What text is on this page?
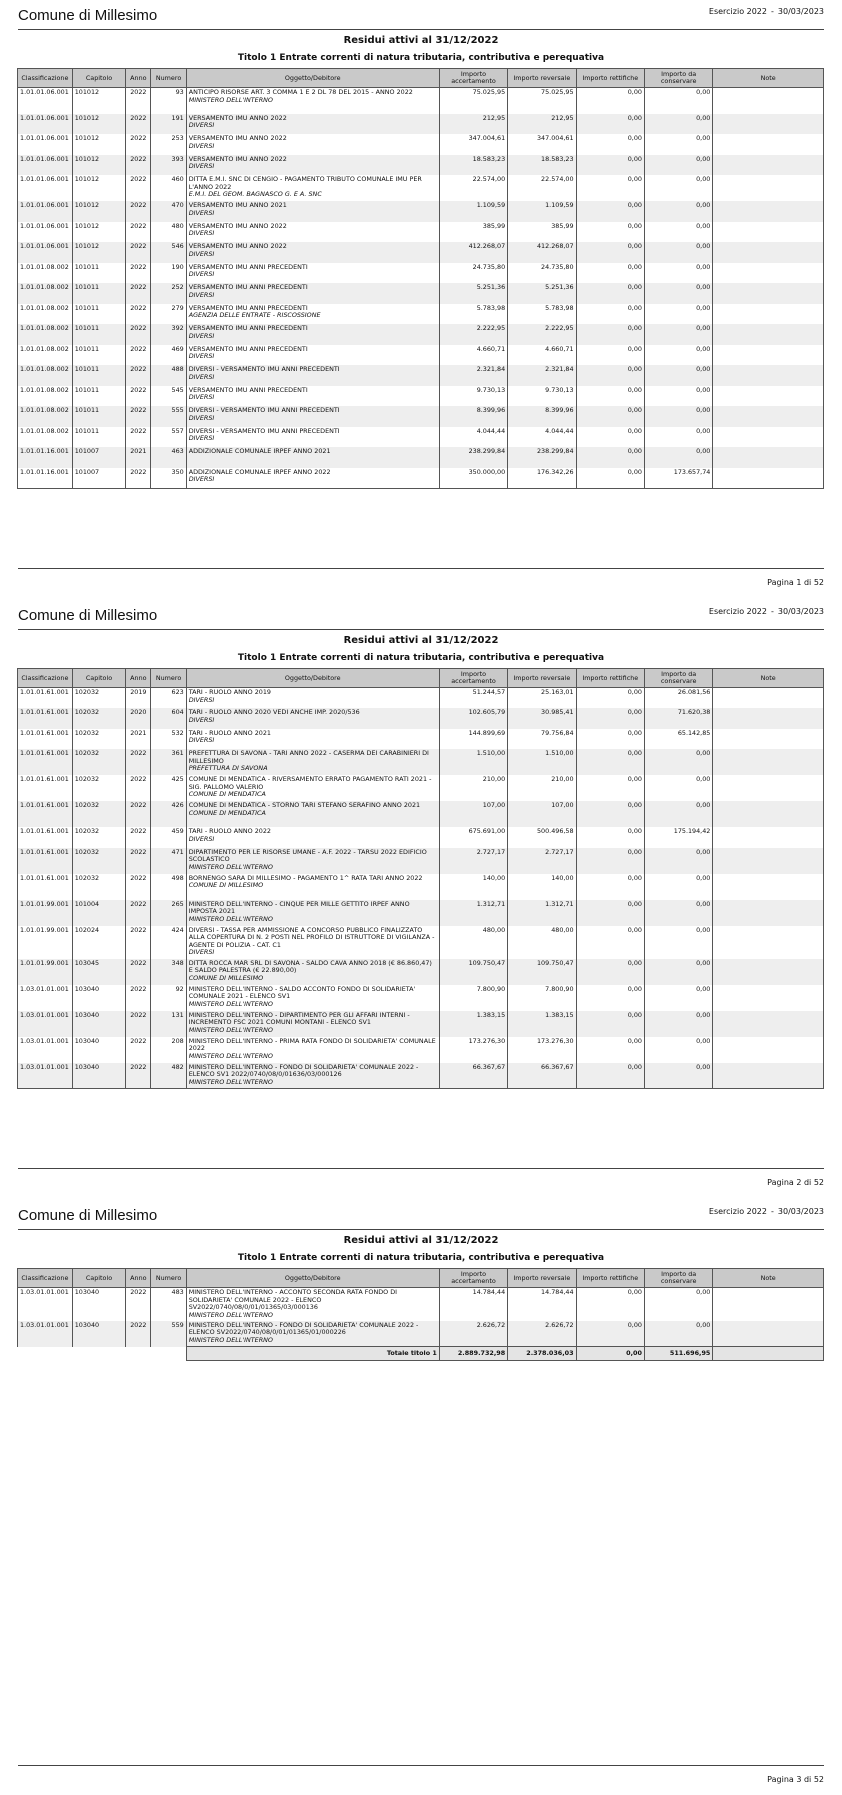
Comune di Millesimo	Esercizio 2022 - 30/03/2023
Residui attivi al 31/12/2022
Titolo 1 Entrate correnti di natura tributaria, contributiva e perequativa
Classificazione	Capitolo	Anno	Numero	Oggetto/Debitore	Importo accertamento	Importo reversale	Importo rettifiche	Importo da conservare	Note
1.01.01.06.001	101012	2022	93	ANTICIPO RISORSE ART. 3 COMMA 1 E 2 DL 78 DEL 2015 - ANNO 2022
MINISTERO DELL'INTERNO	75.025,95	75.025,95	0,00	0,00	
1.01.01.06.001	101012	2022	191	VERSAMENTO IMU ANNO 2022
DIVERSI	212,95	212,95	0,00	0,00	
1.01.01.06.001	101012	2022	253	VERSAMENTO IMU ANNO 2022
DIVERSI	347.004,61	347.004,61	0,00	0,00	
1.01.01.06.001	101012	2022	393	VERSAMENTO IMU ANNO 2022
DIVERSI	18.583,23	18.583,23	0,00	0,00	
1.01.01.06.001	101012	2022	460	DITTA E.M.I. SNC DI CENGIO - PAGAMENTO TRIBUTO COMUNALE IMU PER L'ANNO 2022
E.M.I. DEL GEOM. BAGNASCO G. E A. SNC	22.574,00	22.574,00	0,00	0,00	
1.01.01.06.001	101012	2022	470	VERSAMENTO IMU ANNO 2021
DIVERSI	1.109,59	1.109,59	0,00	0,00	
1.01.01.06.001	101012	2022	480	VERSAMENTO IMU ANNO 2022
DIVERSI	385,99	385,99	0,00	0,00	
1.01.01.06.001	101012	2022	546	VERSAMENTO IMU ANNO 2022
DIVERSI	412.268,07	412.268,07	0,00	0,00	
1.01.01.08.002	101011	2022	190	VERSAMENTO IMU ANNI PRECEDENTI
DIVERSI	24.735,80	24.735,80	0,00	0,00	
1.01.01.08.002	101011	2022	252	VERSAMENTO IMU ANNI PRECEDENTI
DIVERSI	5.251,36	5.251,36	0,00	0,00	
1.01.01.08.002	101011	2022	279	VERSAMENTO IMU ANNI PRECEDENTI
AGENZIA DELLE ENTRATE - RISCOSSIONE	5.783,98	5.783,98	0,00	0,00	
1.01.01.08.002	101011	2022	392	VERSAMENTO IMU ANNI PRECEDENTI
DIVERSI	2.222,95	2.222,95	0,00	0,00	
1.01.01.08.002	101011	2022	469	VERSAMENTO IMU ANNI PRECEDENTI
DIVERSI	4.660,71	4.660,71	0,00	0,00	
1.01.01.08.002	101011	2022	488	DIVERSI - VERSAMENTO IMU ANNI PRECEDENTI
DIVERSI	2.321,84	2.321,84	0,00	0,00	
1.01.01.08.002	101011	2022	545	VERSAMENTO IMU ANNI PRECEDENTI
DIVERSI	9.730,13	9.730,13	0,00	0,00	
1.01.01.08.002	101011	2022	555	DIVERSI - VERSAMENTO IMU ANNI PRECEDENTI
DIVERSI	8.399,96	8.399,96	0,00	0,00	
1.01.01.08.002	101011	2022	557	DIVERSI - VERSAMENTO IMU ANNI PRECEDENTI
DIVERSI	4.044,44	4.044,44	0,00	0,00	
1.01.01.16.001	101007	2021	463	ADDIZIONALE COMUNALE IRPEF ANNO 2021	238.299,84	238.299,84	0,00	0,00	
1.01.01.16.001	101007	2022	350	ADDIZIONALE COMUNALE IRPEF ANNO 2022
DIVERSI	350.000,00	176.342,26	0,00	173.657,74	
Pagina 1 di 52
Comune di Millesimo	Esercizio 2022 - 30/03/2023
Residui attivi al 31/12/2022
Titolo 1 Entrate correnti di natura tributaria, contributiva e perequativa
Classificazione	Capitolo	Anno	Numero	Oggetto/Debitore	Importo accertamento	Importo reversale	Importo rettifiche	Importo da conservare	Note
1.01.01.61.001	102032	2019	623	TARI - RUOLO ANNO 2019
DIVERSI	51.244,57	25.163,01	0,00	26.081,56	
1.01.01.61.001	102032	2020	604	TARI - RUOLO ANNO 2020 VEDI ANCHE IMP. 2020/536
DIVERSI	102.605,79	30.985,41	0,00	71.620,38	
1.01.01.61.001	102032	2021	532	TARI - RUOLO ANNO 2021
DIVERSI	144.899,69	79.756,84	0,00	65.142,85	
1.01.01.61.001	102032	2022	361	PREFETTURA DI SAVONA - TARI ANNO 2022 - CASERMA DEI CARABINIERI DI MILLESIMO
PREFETTURA DI SAVONA	1.510,00	1.510,00	0,00	0,00	
1.01.01.61.001	102032	2022	425	COMUNE DI MENDATICA - RIVERSAMENTO ERRATO PAGAMENTO RATI 2021 - SIG. PALLOMO VALERIO
COMUNE DI MENDATICA	210,00	210,00	0,00	0,00	
1.01.01.61.001	102032	2022	426	COMUNE DI MENDATICA - STORNO TARI STEFANO SERAFINO ANNO 2021
COMUNE DI MENDATICA	107,00	107,00	0,00	0,00	
1.01.01.61.001	102032	2022	459	TARI - RUOLO ANNO 2022
DIVERSI	675.691,00	500.496,58	0,00	175.194,42	
1.01.01.61.001	102032	2022	471	DIPARTIMENTO PER LE RISORSE UMANE - A.F. 2022 - TARSU 2022 EDIFICIO SCOLASTICO
MINISTERO DELL'INTERNO	2.727,17	2.727,17	0,00	0,00	
1.01.01.61.001	102032	2022	498	BORNENGO SARA DI MILLESIMO - PAGAMENTO 1^ RATA TARI ANNO 2022
COMUNE DI MILLESIMO	140,00	140,00	0,00	0,00	
1.01.01.99.001	101004	2022	265	MINISTERO DELL'INTERNO - CINQUE PER MILLE GETTITO IRPEF ANNO IMPOSTA 2021
MINISTERO DELL'INTERNO	1.312,71	1.312,71	0,00	0,00	
1.01.01.99.001	102024	2022	424	DIVERSI - TASSA PER AMMISSIONE A CONCORSO PUBBLICO FINALIZZATO ALLA COPERTURA DI N. 2 POSTI NEL PROFILO DI ISTRUTTORE DI VIGILANZA - AGENTE DI POLIZIA - CAT. C1
DIVERSI	480,00	480,00	0,00	0,00	
1.01.01.99.001	103045	2022	348	DITTA ROCCA MAR SRL DI SAVONA - SALDO CAVA ANNO 2018 (€ 86.860,47) E SALDO PALESTRA (€ 22.890,00)
COMUNE DI MILLESIMO	109.750,47	109.750,47	0,00	0,00	
1.03.01.01.001	103040	2022	92	MINISTERO DELL'INTERNO - SALDO ACCONTO FONDO DI SOLIDARIETA' COMUNALE 2021 - ELENCO SV1
MINISTERO DELL'INTERNO	7.800,90	7.800,90	0,00	0,00	
1.03.01.01.001	103040	2022	131	MINISTERO DELL'INTERNO - DIPARTIMENTO PER GLI AFFARI INTERNI - INCREMENTO FSC 2021 COMUNI MONTANI - ELENCO SV1
MINISTERO DELL'INTERNO	1.383,15	1.383,15	0,00	0,00	
1.03.01.01.001	103040	2022	208	MINISTERO DELL'INTERNO - PRIMA RATA FONDO DI SOLIDARIETA' COMUNALE 2022
MINISTERO DELL'INTERNO	173.276,30	173.276,30	0,00	0,00	
1.03.01.01.001	103040	2022	482	MINISTERO DELL'INTERNO - FONDO DI SOLIDARIETA' COMUNALE 2022 - ELENCO SV1 2022/0740/08/0/01636/03/000126
MINISTERO DELL'INTERNO	66.367,67	66.367,67	0,00	0,00	
Pagina 2 di 52
Comune di Millesimo	Esercizio 2022 - 30/03/2023
Residui attivi al 31/12/2022
Titolo 1 Entrate correnti di natura tributaria, contributiva e perequativa
Classificazione	Capitolo	Anno	Numero	Oggetto/Debitore	Importo accertamento	Importo reversale	Importo rettifiche	Importo da conservare	Note
1.03.01.01.001	103040	2022	483	MINISTERO DELL'INTERNO - ACCONTO SECONDA RATA FONDO DI SOLIDARIETA' COMUNALE 2022 - ELENCO SV2022/0740/08/0/01/01365/03/000136
MINISTERO DELL'INTERNO	14.784,44	14.784,44	0,00	0,00	
1.03.01.01.001	103040	2022	559	MINISTERO DELL'INTERNO - FONDO DI SOLIDARIETA' COMUNALE 2022 - ELENCO SV2022/0740/08/0/01/01365/01/000226
MINISTERO DELL'INTERNO	2.626,72	2.626,72	0,00	0,00	
				Totale titolo 1	2.889.732,98	2.378.036,03	0,00	511.696,95	
Pagina 3 di 52
